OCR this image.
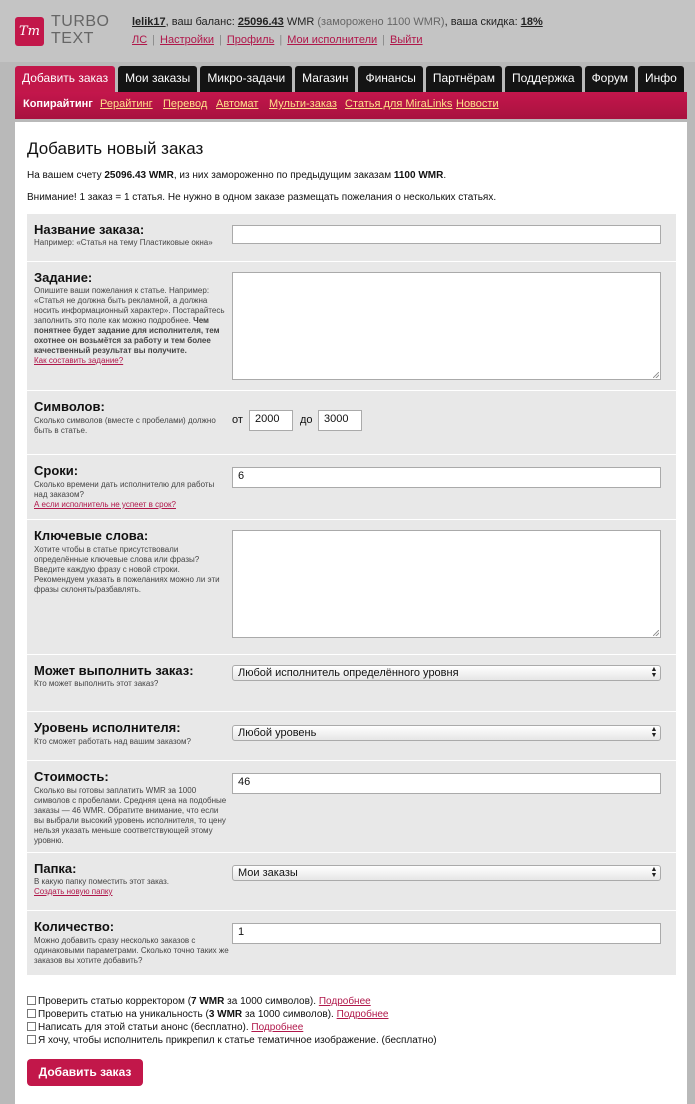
Tт
TURBO
TEXT
lelik17, ваш баланс: 25096.43 WMR (заморожено 1100 WMR), ваша скидка: 18%
ЛС | Настройки | Профиль | Мои исполнители | Выйти
Добавить заказ	Мои заказы	Микро-задачи	Магазин	Финансы	Партнёрам	Поддержка	Форум	Инфо
Копирайтинг Рерайтинг Перевод Автомат Мульти-заказ Статья для MiraLinks Новости
Добавить новый заказ
На вашем счету 25096.43 WMR, из них замороженно по предыдущим заказам 1100 WMR.
Внимание! 1 заказ = 1 статья. Не нужно в одном заказе размещать пожелания о нескольких статьях.
Название заказа:
Например: «Статья на тему Пластиковые окна»
Задание:
Опишите ваши пожелания к статье. Например: «Статья не должна быть рекламной, а должна носить информационный характер». Постарайтесь заполнить это поле как можно подробнее. Чем понятнее будет задание для исполнителя, тем охотнее он возьмётся за работу и тем более качественный результат вы получите.
Как составить задание?
Символов:
Сколько символов (вместе с пробелами) должно быть в статье.
от	2000	до	3000
Сроки:
Сколько времени дать исполнителю для работы над заказом?
А если исполнитель не успеет в срок?
6
Ключевые слова:
Хотите чтобы в статье присутствовали определённые ключевые слова или фразы? Введите каждую фразу с новой строки. Рекомендуем указать в пожеланиях можно ли эти фразы склонять/разбавлять.
Может выполнить заказ:
Кто может выполнить этот заказ?
Любой исполнитель определённого уровня	▲
▼
Уровень исполнителя:
Кто сможет работать над вашим заказом?
Любой уровень	▲
▼
Стоимость:
Сколько вы готовы заплатить WMR за 1000 символов с пробелами. Средняя цена на подобные заказы — 46 WMR. Обратите внимание, что если вы выбрали высокий уровень исполнителя, то цену нельзя указать меньше соответствующей этому уровню.
46
Папка:
В какую папку поместить этот заказ.
Создать новую папку
Мои заказы	▲
▼
Количество:
Можно добавить сразу несколько заказов с одинаковыми параметрами. Сколько точно таких же заказов вы хотите добавить?
1
Проверить статью корректором (7 WMR за 1000 символов). Подробнее
Проверить статью на уникальность (3 WMR за 1000 символов). Подробнее
Написать для этой статьи анонс (бесплатно). Подробнее
Я хочу, чтобы исполнитель прикрепил к статье тематичное изображение. (бесплатно)
Добавить заказ
